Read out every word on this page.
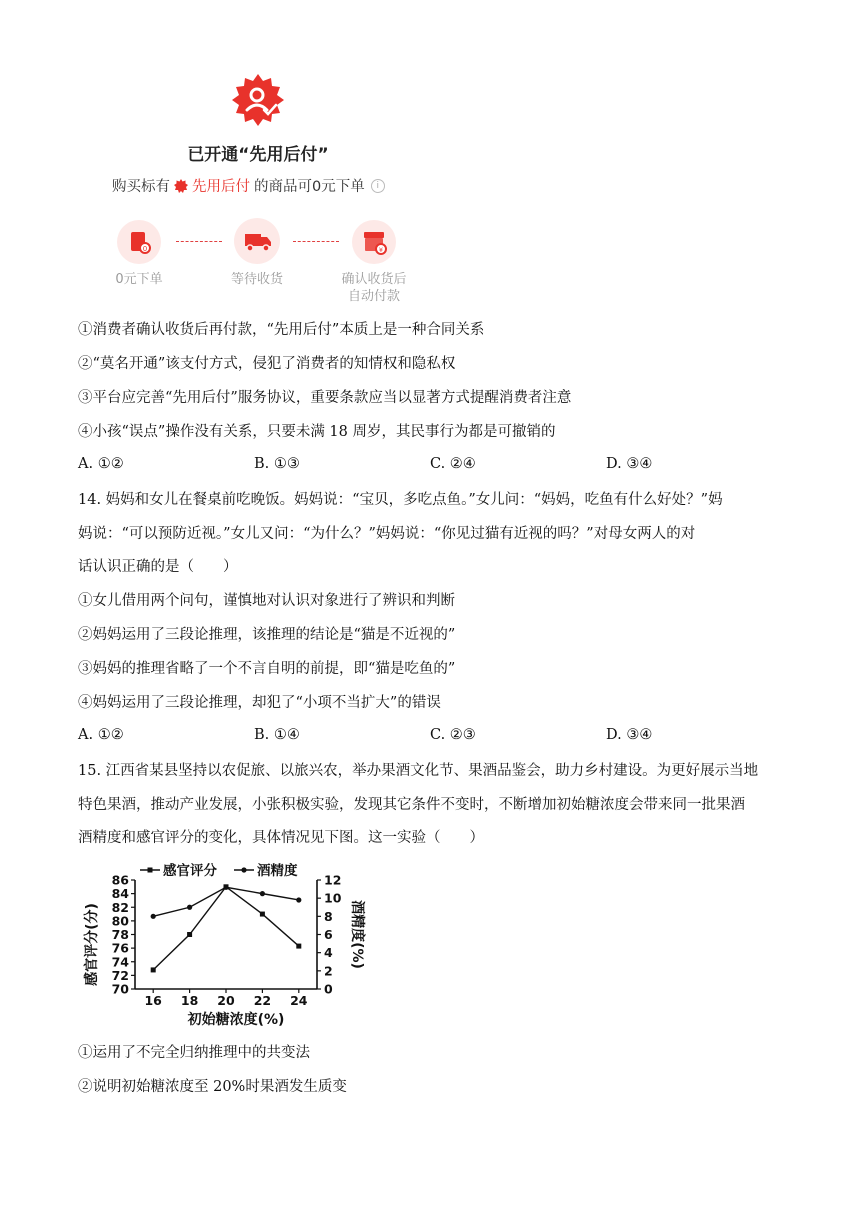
已开通“先用后付”
购买标有 先用后付 的商品可0元下单	i
0	¥
0元下单	等待收货	确认收货后
自动付款
①消费者确认收货后再付款，“先用后付”本质上是一种合同关系
②“莫名开通”该支付方式，侵犯了消费者的知情权和隐私权
③平台应完善“先用后付”服务协议，重要条款应当以显著方式提醒消费者注意
④小孩“误点”操作没有关系，只要未满 18 周岁，其民事行为都是可撤销的
A. ①②	B. ①③	C. ②④	D. ③④
14. 妈妈和女儿在餐桌前吃晚饭。妈妈说：“宝贝，多吃点鱼。”女儿问：“妈妈，吃鱼有什么好处？”妈
妈说：“可以预防近视。”女儿又问：“为什么？”妈妈说：“你见过猫有近视的吗？”对母女两人的对
话认识正确的是（　　）
①女儿借用两个问句，谨慎地对认识对象进行了辨识和判断
②妈妈运用了三段论推理，该推理的结论是“猫是不近视的”
③妈妈的推理省略了一个不言自明的前提，即“猫是吃鱼的”
④妈妈运用了三段论推理，却犯了“小项不当扩大”的错误
A. ①②	B. ①④	C. ②③	D. ③④
15. 江西省某县坚持以农促旅、以旅兴农，举办果酒文化节、果酒品鉴会，助力乡村建设。为更好展示当地
特色果酒，推动产业发展，小张积极实验，发现其它条件不变时，不断增加初始糖浓度会带来同一批果酒
酒精度和感官评分的变化，具体情况见下图。这一实验（　　）
70
72
74
76
78
80
82
84
86
0
2
4
6
8
10
12
16 18 20 22 24
初始糖浓度(%)
感官评分(分)	酒精度(%)
感官评分	酒精度
①运用了不完全归纳推理中的共变法
②说明初始糖浓度至 20%时果酒发生质变
